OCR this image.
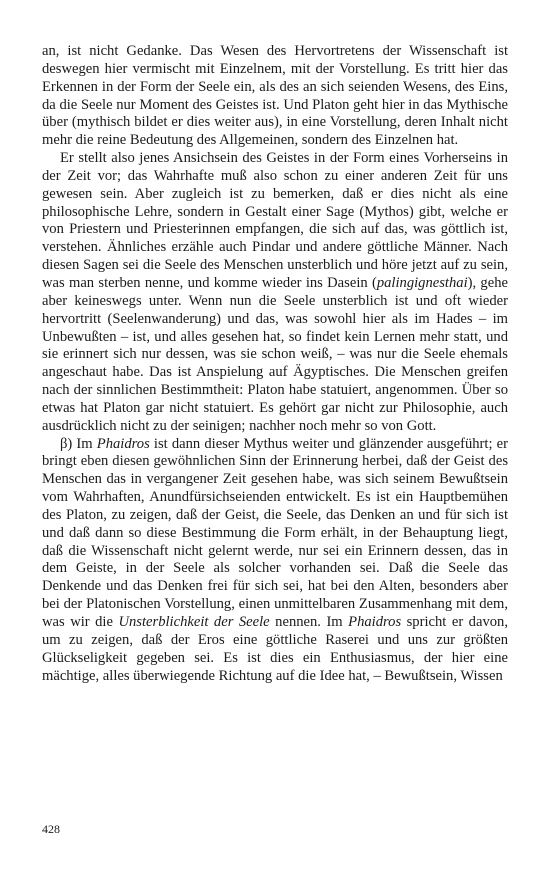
an, ist nicht Gedanke. Das Wesen des Hervortretens der Wissenschaft ist deswegen hier vermischt mit Einzelnem, mit der Vorstellung. Es tritt hier das Erkennen in der Form der Seele ein, als des an sich seienden Wesens, des Eins, da die Seele nur Moment des Geistes ist. Und Platon geht hier in das Mythische über (mythisch bildet er dies weiter aus), in eine Vorstellung, deren Inhalt nicht mehr die reine Bedeutung des Allgemeinen, sondern des Einzelnen hat.

Er stellt also jenes Ansichsein des Geistes in der Form eines Vorherseins in der Zeit vor; das Wahrhafte muß also schon zu einer anderen Zeit für uns gewesen sein. Aber zugleich ist zu bemerken, daß er dies nicht als eine philosophische Lehre, sondern in Gestalt einer Sage (Mythos) gibt, welche er von Priestern und Priesterinnen empfangen, die sich auf das, was göttlich ist, verstehen. Ähnliches erzähle auch Pindar und andere göttliche Männer. Nach diesen Sagen sei die Seele des Menschen unsterblich und höre jetzt auf zu sein, was man sterben nenne, und komme wieder ins Dasein (palingignesthai), gehe aber keineswegs unter. Wenn nun die Seele unsterblich ist und oft wieder hervortritt (Seelenwanderung) und das, was sowohl hier als im Hades – im Unbewußten – ist, und alles gesehen hat, so findet kein Lernen mehr statt, und sie erinnert sich nur dessen, was sie schon weiß, – was nur die Seele ehemals angeschaut habe. Das ist Anspielung auf Ägyptisches. Die Menschen greifen nach der sinnlichen Bestimmtheit: Platon habe statuiert, angenommen. Über so etwas hat Platon gar nicht statuiert. Es gehört gar nicht zur Philosophie, auch ausdrücklich nicht zu der seinigen; nachher noch mehr so von Gott.

β) Im Phaidros ist dann dieser Mythus weiter und glänzender ausgeführt; er bringt eben diesen gewöhnlichen Sinn der Erinnerung herbei, daß der Geist des Menschen das in vergangener Zeit gesehen habe, was sich seinem Bewußtsein vom Wahrhaften, Anundfürsichseienden entwickelt. Es ist ein Hauptbemühen des Platon, zu zeigen, daß der Geist, die Seele, das Denken an und für sich ist und daß dann so diese Bestimmung die Form erhält, in der Behauptung liegt, daß die Wissenschaft nicht gelernt werde, nur sei ein Erinnern dessen, das in dem Geiste, in der Seele als solcher vorhanden sei. Daß die Seele das Denkende und das Denken frei für sich sei, hat bei den Alten, besonders aber bei der Platonischen Vorstellung, einen unmittelbaren Zusammenhang mit dem, was wir die Unsterblichkeit der Seele nennen. Im Phaidros spricht er davon, um zu zeigen, daß der Eros eine göttliche Raserei und uns zur größten Glückseligkeit gegeben sei. Es ist dies ein Enthusiasmus, der hier eine mächtige, alles überwiegende Richtung auf die Idee hat, – Bewußtsein, Wissen

428
